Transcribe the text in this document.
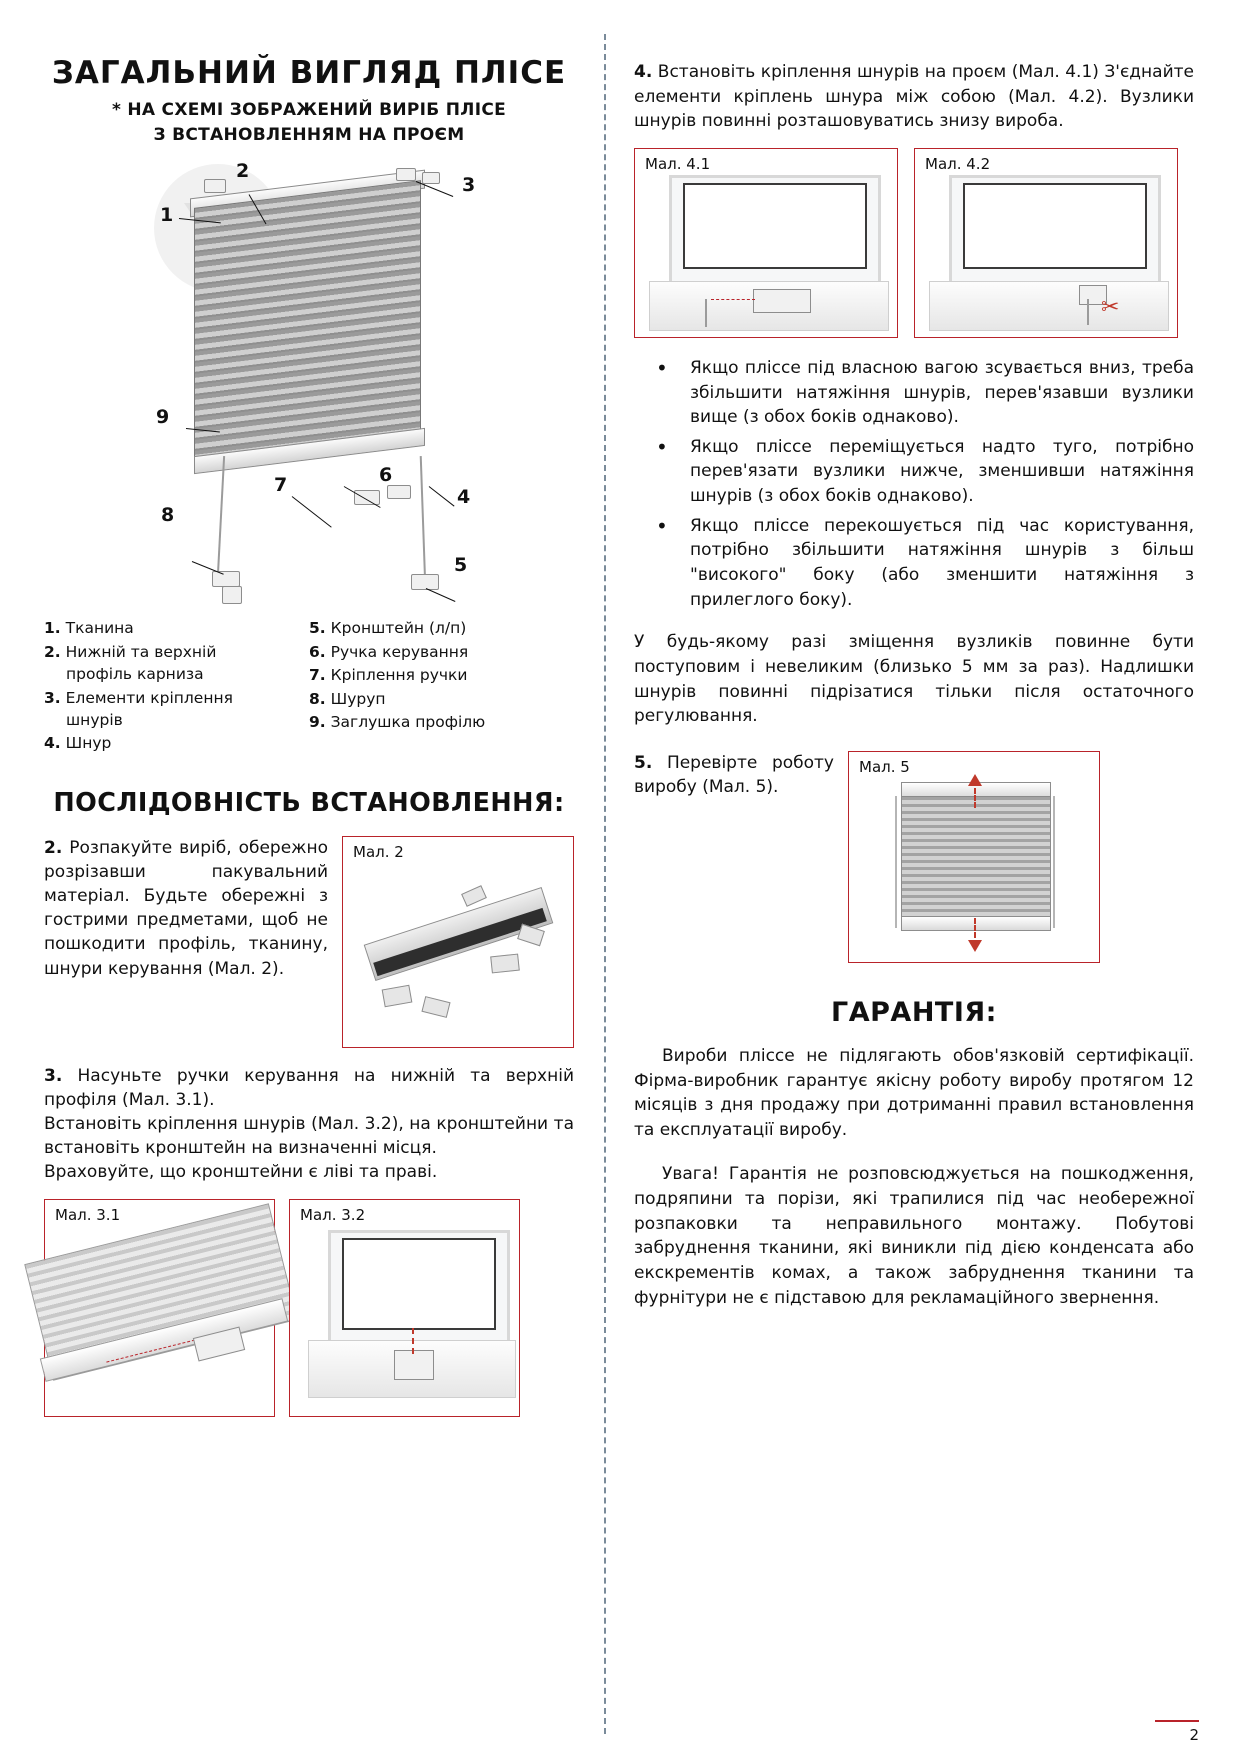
ЗАГАЛЬНИЙ ВИГЛЯД ПЛІСЕ
* НА СХЕМІ ЗОБРАЖЕНИЙ ВИРІБ ПЛІСЕ
З ВСТАНОВЛЕННЯМ НА ПРОЄМ
1
2
3
4
5
6
7
8
9
1. Тканина
2. Нижній та верхній
профіль карниза
3. Елементи кріплення
шнурів
4. Шнур
5. Кронштейн (л/п)
6. Ручка керування
7. Кріплення ручки
8. Шуруп
9. Заглушка профілю
ПОСЛІДОВНІСТЬ ВСТАНОВЛЕННЯ:
2. Розпакуйте виріб, обережно розрізавши пакувальний матеріал. Будьте обережні з гострими предметами, щоб не пошкодити профіль, тканину, шнури керування (Мал. 2).
Мал. 2
3. Насуньте ручки керування на нижній та верхній профіля (Мал. 3.1).
Встановіть кріплення шнурів (Мал. 3.2), на кронштейни та встановіть кронштейн на визначенні місця.
Враховуйте, що кронштейни є ліві та праві.
Мал. 3.1	Мал. 3.2
4. Встановіть кріплення шнурів на проєм (Мал. 4.1) З'єднайте елементи кріплень шнура між собою (Мал. 4.2). Вузлики шнурів повинні розташовуватись знизу виробa.
Мал. 4.1	Мал. 4.2
✂
• Якщо пліссе під власною вагою зсувається вниз, треба збільшити натяжіння шнурів, перев'язавши вузлики вище (з обох боків однаково).
• Якщо пліссе переміщується надто туго, потрібно перев'язати вузлики нижче, зменшивши натяжіння шнурів (з обох боків однаково).
• Якщо пліссе перекошується під час користування, потрібно збільшити натяжіння шнурів з більш "високого" боку (або зменшити натяжіння з прилеглого боку).
У будь-якому разі зміщення вузликів повинне бути поступовим і невеликим (близько 5 мм за раз). Надлишки шнурів повинні підрізатися тільки після остаточного регулювання.
5. Перевірте роботу виробу (Мал. 5).
Мал. 5
ГАРАНТІЯ:
Вироби пліссе не підлягають обов'язковій сертифікації. Фірма-виробник гарантує якісну роботу виробу протягом 12 місяців з дня продажу при дотриманні правил встановлення та експлуатації виробу.
Увага! Гарантія не розповсюджується на пошкодження, подряпини та порізи, які трапилися під час необережної розпаковки та неправильного монтажу. Побутові забруднення тканини, які виникли під дією конденсата або екскрементів комах, а також забруднення тканини та фурнітури не є підставою для рекламаційного звернення.
2
